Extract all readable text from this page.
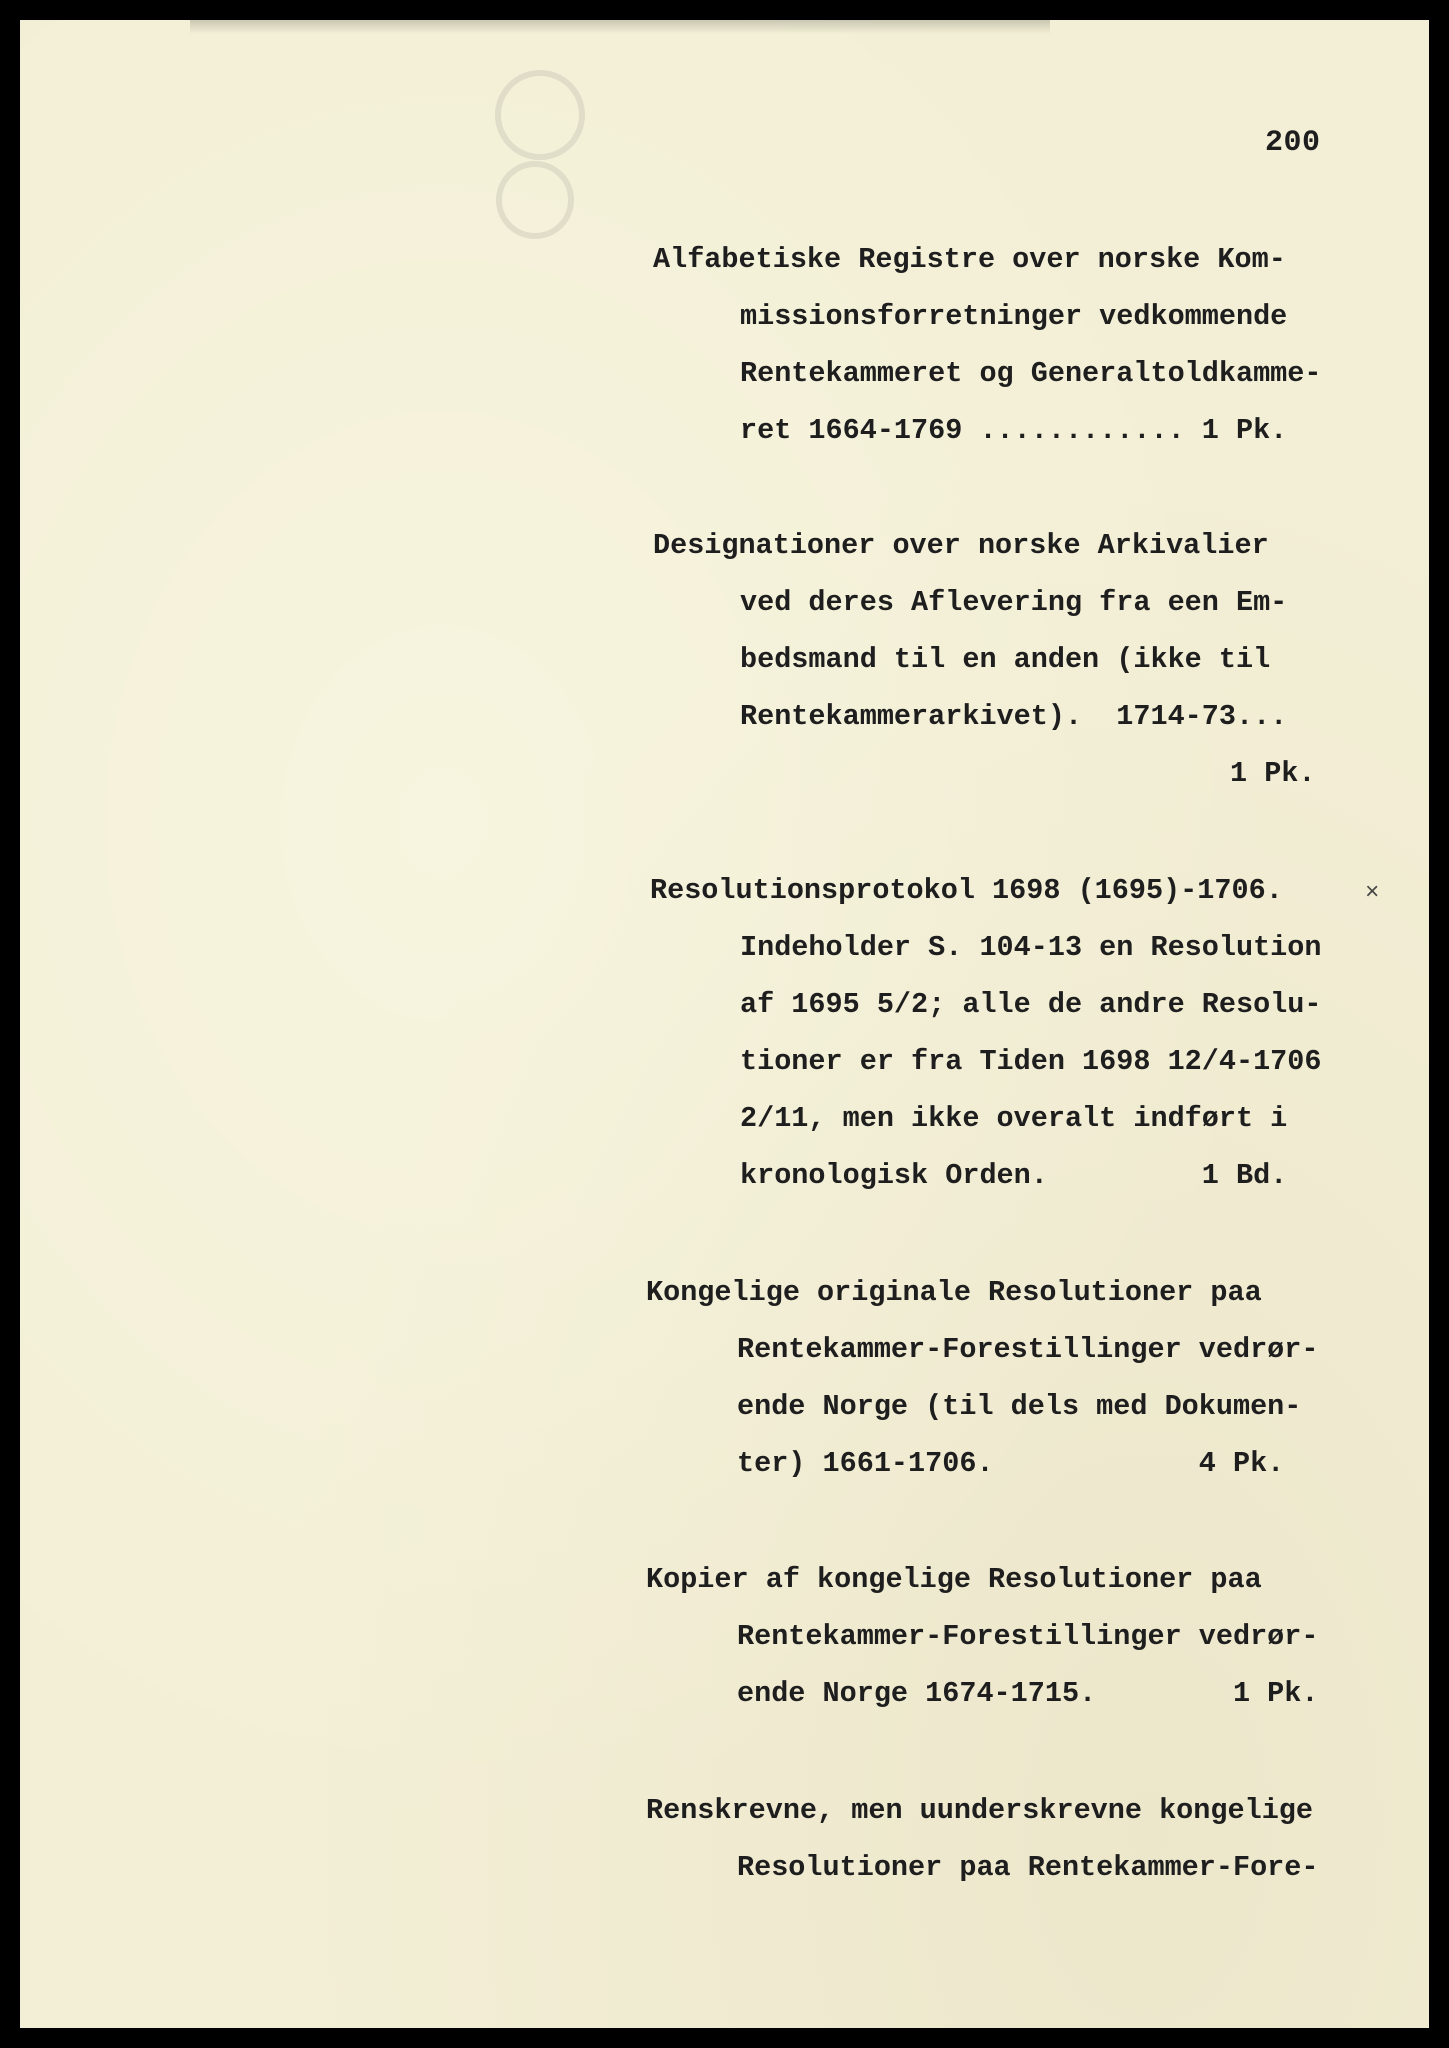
200
Alfabetiske Registre over norske Kom-
missionsforretninger vedkommende
Rentekammeret og Generaltoldkamme-
ret 1664-1769 ............ 1 Pk.
Designationer over norske Arkivalier
ved deres Aflevering fra een Em-
bedsmand til en anden (ikke til
Rentekammerarkivet).  1714-73...
1 Pk.
Resolutionsprotokol 1698 (1695)-1706.
Indeholder S. 104-13 en Resolution
af 1695 5/2; alle de andre Resolu-
tioner er fra Tiden 1698 12/4-1706
2/11, men ikke overalt indført i
kronologisk Orden.         1 Bd.
Kongelige originale Resolutioner paa
Rentekammer-Forestillinger vedrør-
ende Norge (til dels med Dokumen-
ter) 1661-1706.            4 Pk.
Kopier af kongelige Resolutioner paa
Rentekammer-Forestillinger vedrør-
ende Norge 1674-1715.        1 Pk.
Renskrevne, men uunderskrevne kongelige
Resolutioner paa Rentekammer-Fore-
×
